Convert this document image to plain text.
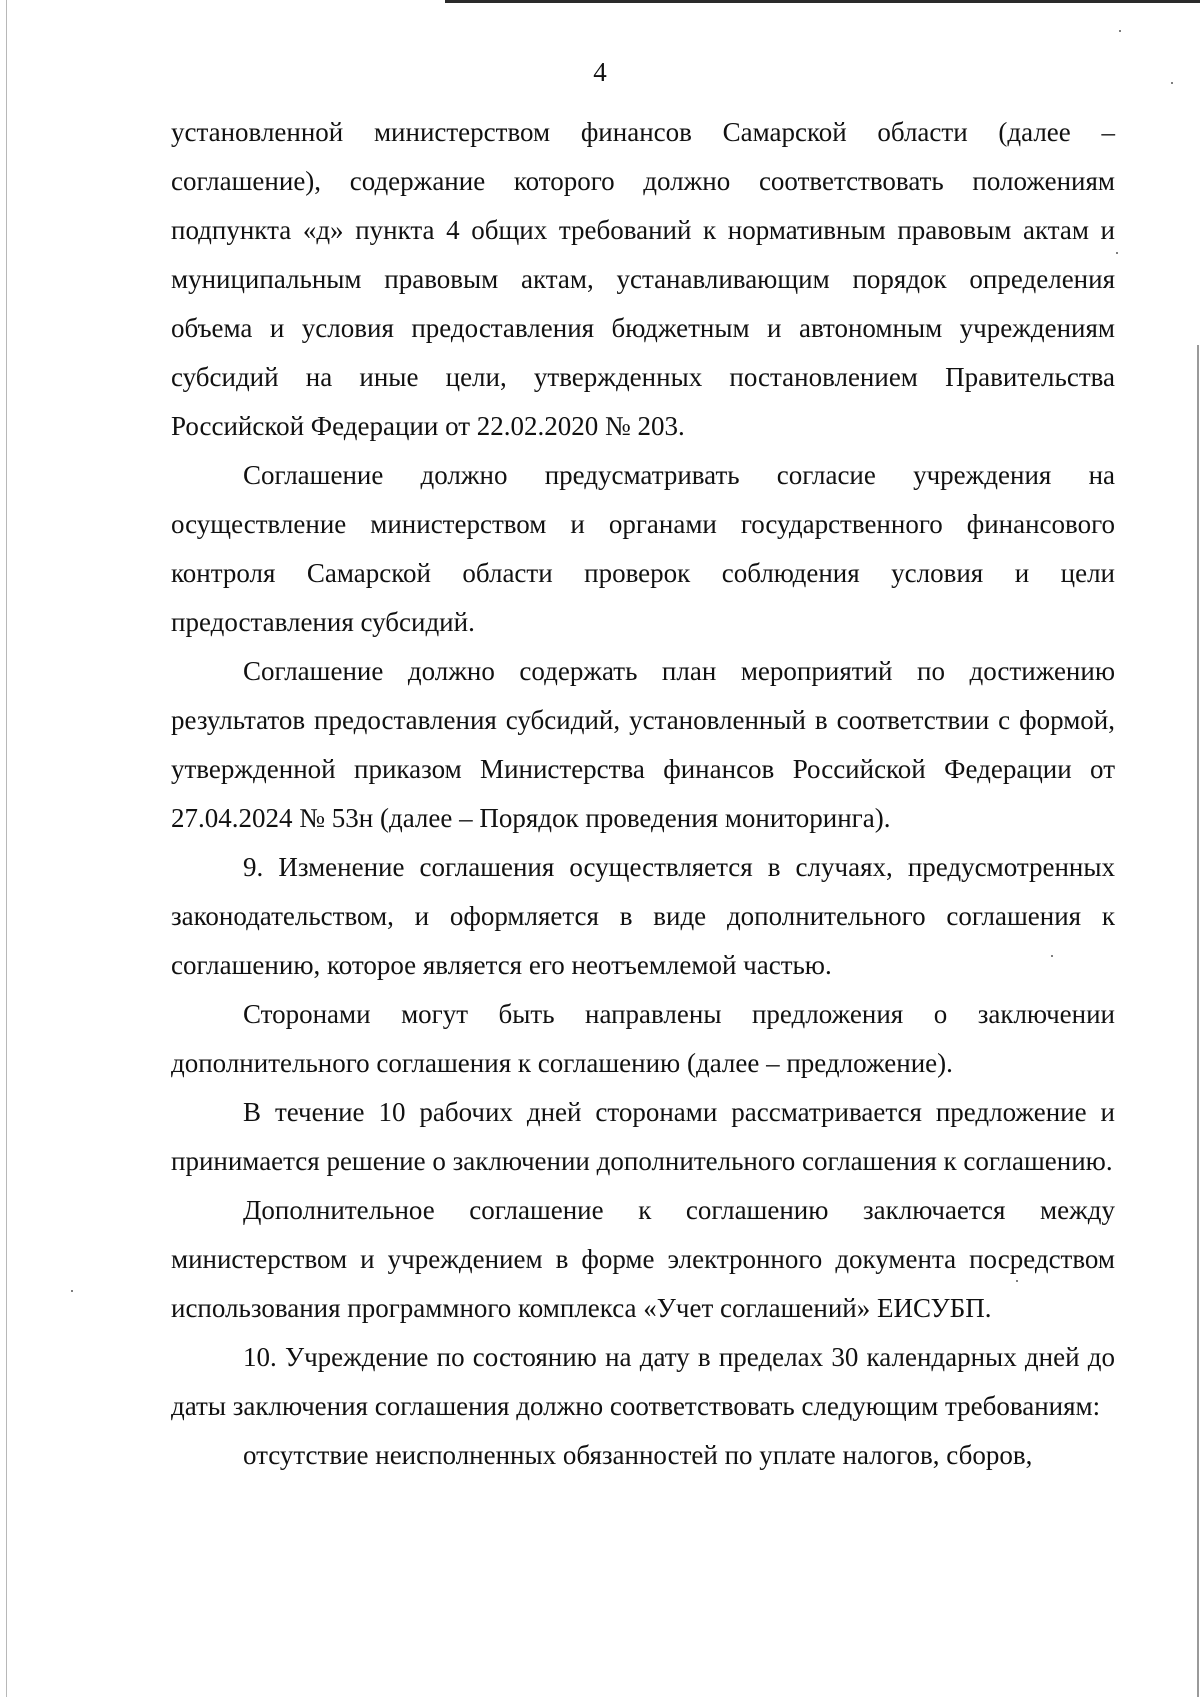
4

установленной министерством финансов Самарской области (далее – соглашение), содержание которого должно соответствовать положениям подпункта «д» пункта 4 общих требований к нормативным правовым актам и муниципальным правовым актам, устанавливающим порядок определения объема и условия предоставления бюджетным и автономным учреждениям субсидий на иные цели, утвержденных постановлением Правительства Российской Федерации от 22.02.2020 № 203.

Соглашение должно предусматривать согласие учреждения на осуществление министерством и органами государственного финансового контроля Самарской области проверок соблюдения условия и цели предоставления субсидий.

Соглашение должно содержать план мероприятий по достижению результатов предоставления субсидий, установленный в соответствии с формой, утвержденной приказом Министерства финансов Российской Федерации от 27.04.2024 № 53н (далее – Порядок проведения мониторинга).

9. Изменение соглашения осуществляется в случаях, предусмотренных законодательством, и оформляется в виде дополнительного соглашения к соглашению, которое является его неотъемлемой частью.

Сторонами могут быть направлены предложения о заключении дополнительного соглашения к соглашению (далее – предложение).

В течение 10 рабочих дней сторонами рассматривается предложение и принимается решение о заключении дополнительного соглашения к соглашению.

Дополнительное соглашение к соглашению заключается между министерством и учреждением в форме электронного документа посредством использования программного комплекса «Учет соглашений» ЕИСУБП.

10. Учреждение по состоянию на дату в пределах 30 календарных дней до даты заключения соглашения должно соответствовать следующим требованиям:

отсутствие неисполненных обязанностей по уплате налогов, сборов,
